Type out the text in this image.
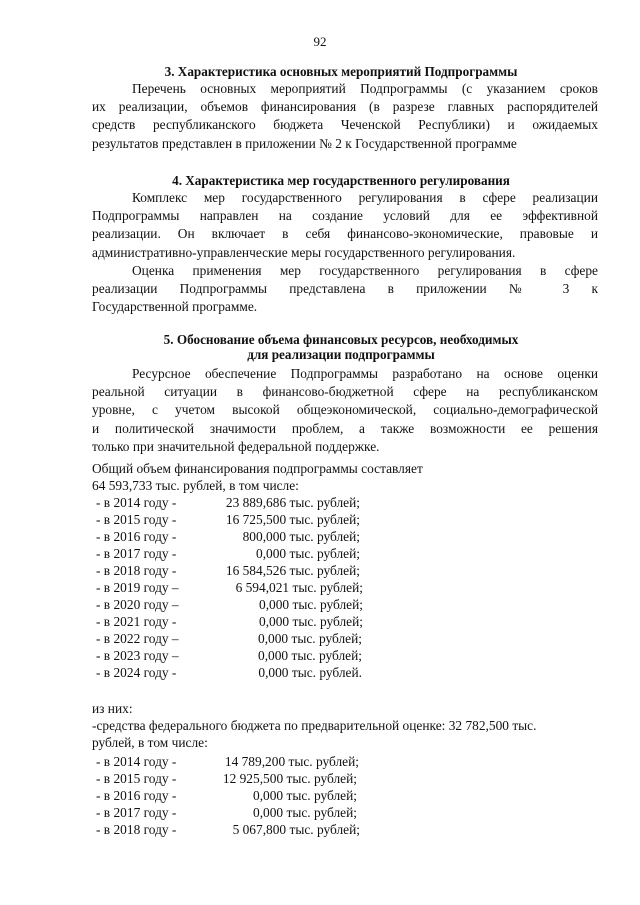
92
3. Характеристика основных мероприятий Подпрограммы
Перечень основных мероприятий Подпрограммы (с указанием сроков
их реализации, объемов финансирования (в разрезе главных распорядителей
средств республиканского бюджета Чеченской Республики) и ожидаемых
результатов представлен в приложении № 2 к Государственной программе
4. Характеристика мер государственного регулирования
Комплекс мер государственного регулирования в сфере реализации
Подпрограммы направлен на создание условий для ее эффективной
реализации. Он включает в себя финансово-экономические, правовые и
административно-управленческие меры государственного регулирования.
Оценка применения мер государственного регулирования в сфере
реализации Подпрограммы представлена в приложении № 3 к
Государственной программе.
5. Обоснование объема финансовых ресурсов, необходимых
для реализации подпрограммы
Ресурсное обеспечение Подпрограммы разработано на основе оценки
реальной ситуации в финансово-бюджетной сфере на республиканском
уровне, с учетом высокой общеэкономической, социально-демографической
и политической значимости проблем, а также возможности ее решения
только при значительной федеральной поддержке.
Общий объем финансирования подпрограммы составляет
64 593,733 тыс. рублей, в том числе:
- в 2014 году -	23 889,686 тыс. рублей;
- в 2015 году -	16 725,500 тыс. рублей;
- в 2016 году -	800,000 тыс. рублей;
- в 2017 году -	0,000 тыс. рублей;
- в 2018 году -	16 584,526 тыс. рублей;
- в 2019 году –	6 594,021 тыс. рублей;
- в 2020 году –	0,000 тыс. рублей;
- в 2021 году -	0,000 тыс. рублей;
- в 2022 году –	0,000 тыс. рублей;
- в 2023 году –	0,000 тыс. рублей;
- в 2024 году -	0,000 тыс. рублей.
из них:
-средства федерального бюджета по предварительной оценке: 32 782,500 тыс.
рублей, в том числе:
- в 2014 году -	14 789,200 тыс. рублей;
- в 2015 году -	12 925,500 тыс. рублей;
- в 2016 году -	0,000 тыс. рублей;
- в 2017 году -	0,000 тыс. рублей;
- в 2018 году -	5 067,800 тыс. рублей;
